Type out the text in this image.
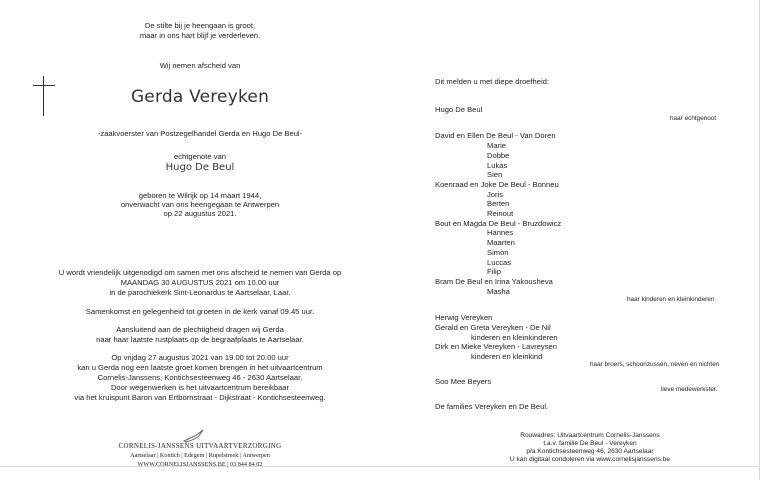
De stilte bij je heengaan is groot,
maar in ons hart blijf je verderleven.
Wij nemen afscheid van
Gerda Vereyken
-zaakvoerster van Postzegelhandel Gerda en Hugo De Beul-
echtgenote van
Hugo De Beul
geboren te Wilrijk op 14 maart 1944,
onverwacht van ons heengegaan te Antwerpen
op 22 augustus 2021.
U wordt vriendelijk uitgenodigd om samen met ons afscheid te nemen van Gerda op
MAANDAG 30 AUGUSTUS 2021 om 10.00 uur
in de parochiekerk Sint-Leonardus te Aartselaar, Laar.
Samenkomst en gelegenheid tot groeten in de kerk vanaf 09.45 uur.
Aansluitend aan de plechtigheid dragen wij Gerda
naar haar laatste rustplaats op de begraafplaats te Aartselaar.
Op vrijdag 27 augustus 2021 van 19.00 tot 20.00 uur
kan u Gerda nog een laatste groet komen brengen in het uitvaartcentrum
Cornelis-Janssens, Kontichsesteenweg 46 - 2630 Aartselaar.
Door wegenwerken is het uitvaartcentrum bereikbaar
via het kruispunt Baron van Ertbornstraat - Dijkstraat - Kontichsesteenweg.
CORNELIS-JANSSENS UITVAARTVERZORGING
Aartselaar | Kontich | Edegem | Rupelstreek | Antwerpen
WWW.CORNELISJANSSENS.BE | 03 844 84 02
Dit melden u met diepe droefheid:
Hugo De Beul
haar echtgenoot
David en Ellen De Beul - Van Doren
Marie
Dobbe
Lukas
Sien
Koenraad en Joke De Beul - Bonneu
Joris
Berten
Reinout
Bout en Magda De Beul - Bruzdowicz
Hannes
Maarten
Simon
Luccas
Filip
Bram De Beul en Irina Yakousheva
Masha
haar kinderen en kleinkinderen
Herwig Vereyken
Gerald en Greta Vereyken - De Nil
kinderen en kleinkinderen
Dirk en Mieke Vereyken - Lavreysen
kinderen en kleinkind
haar broers, schoonzussen, neven en nichten
Soo Mee Beyers
lieve medewerkster.
De families Vereyken en De Beul.
Rouwadres: Uitvaartcentrum Cornelis-Janssens
t.a.v. familie De Beul - Vereyken
p/a Kontichsesteenweg 46, 2630 Aartselaar
U kan digitaal condoleren via www.cornelisjanssens.be
